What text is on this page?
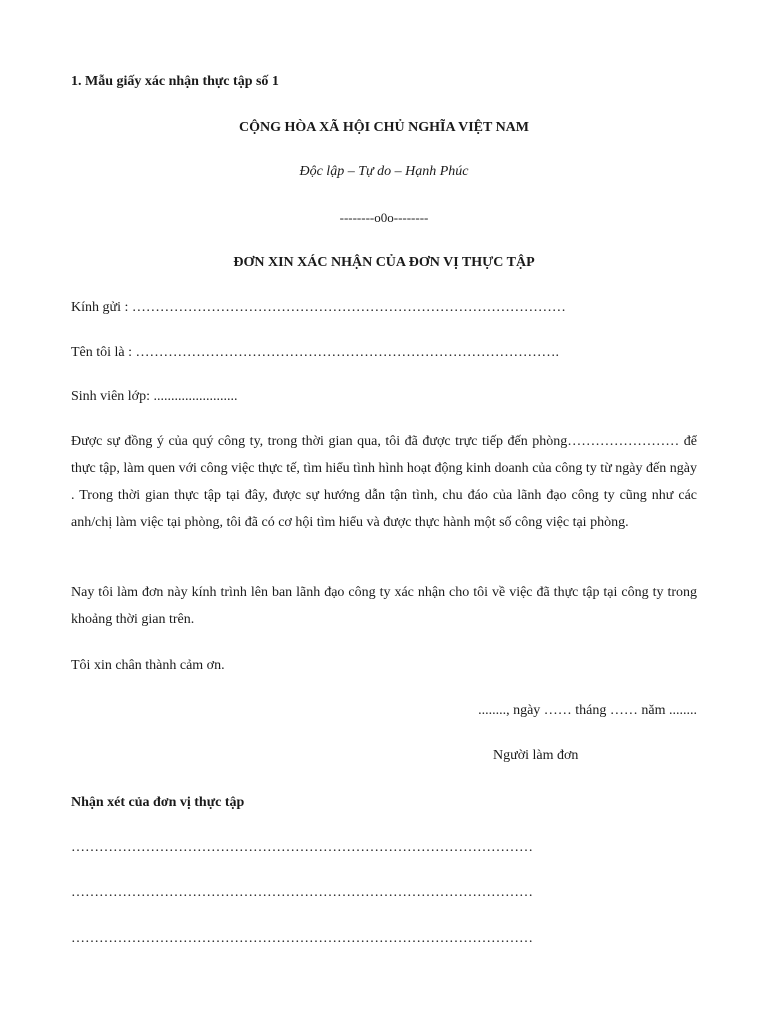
1. Mẫu giấy xác nhận thực tập số 1
CỘNG HÒA XÃ HỘI CHỦ NGHĨA VIỆT NAM
Độc lập – Tự do – Hạnh Phúc
--------o0o--------
ĐƠN XIN XÁC NHẬN CỦA ĐƠN VỊ THỰC TẬP
Kính gửi : …………………………………………………………………………………
Tên tôi là : ……………………………………………………………………………….
Sinh viên lớp: ........................
Được sự đồng ý của quý công ty, trong thời gian qua, tôi đã được trực tiếp đến phòng…………………… để thực tập, làm quen với công việc thực tế, tìm hiểu tình hình hoạt động kinh doanh của công ty từ ngày đến ngày . Trong thời gian thực tập tại đây, được sự hướng dẫn tận tình, chu đáo của lãnh đạo công ty cũng như các anh/chị làm việc tại phòng, tôi đã có cơ hội tìm hiểu và được thực hành một số công việc tại phòng.
Nay tôi làm đơn này kính trình lên ban lãnh đạo công ty xác nhận cho tôi về việc đã thực tập tại công ty trong khoảng thời gian trên.
Tôi xin chân thành cảm ơn.
........, ngày …… tháng …… năm ........
Người làm đơn
Nhận xét của đơn vị thực tập
………………………………………………………………………………………
………………………………………………………………………………………
………………………………………………………………………………………
